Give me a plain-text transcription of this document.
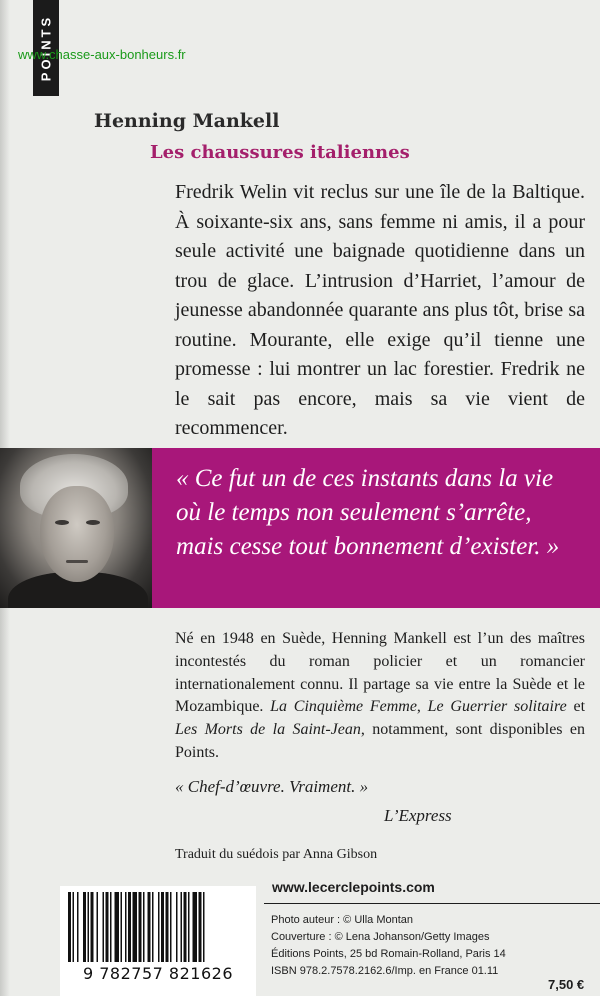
POINTS
www.chasse-aux-bonheurs.fr
Henning Mankell
Les chaussures italiennes

Fredrik Welin vit reclus sur une île de la Baltique. À soixante-six ans, sans femme ni amis, il a pour seule activité une baignade quotidienne dans un trou de glace. L’intrusion d’Harriet, l’amour de jeunesse abandonnée quarante ans plus tôt, brise sa routine. Mourante, elle exige qu’il tienne une promesse : lui montrer un lac forestier. Fredrik ne le sait pas encore, mais sa vie vient de recommencer.

« Ce fut un de ces instants dans la vie où le temps non seulement s’arrête, mais cesse tout bonnement d’exister. »

Né en 1948 en Suède, Henning Mankell est l’un des maîtres incontestés du roman policier et un romancier internationalement connu. Il partage sa vie entre la Suède et le Mozambique. La Cinquième Femme, Le Guerrier solitaire et Les Morts de la Saint-Jean, notamment, sont disponibles en Points.

« Chef-d’œuvre. Vraiment. »
L’Express
Traduit du suédois par Anna Gibson
www.lecerclepoints.com
9 782757 821626
Photo auteur : © Ulla Montan
Couverture : © Lena Johanson/Getty Images
Éditions Points, 25 bd Romain-Rolland, Paris 14
ISBN 978.2.7578.2162.6/Imp. en France 01.11
7,50 €
